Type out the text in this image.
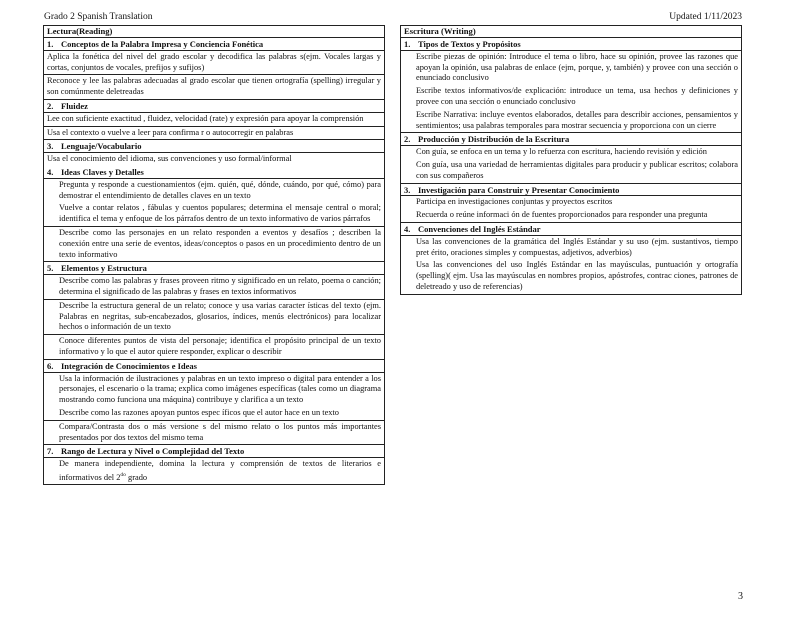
Grado 2 Spanish Translation	Updated 1/11/2023
Lectura(Reading)
1. Conceptos de la Palabra Impresa y Conciencia Fonética
Aplica la fonética del nivel del grado escolar y decodifica las palabras s(ejm. Vocales largas y cortas, conjuntos de vocales, prefijos y sufijos)
Reconoce y lee las palabras adecuadas al grado escolar que tienen ortografía (spelling) irregular y son comúnmente deletreadas
2. Fluidez
Lee con suficiente exactitud , fluidez, velocidad (rate) y expresión para apoyar la comprensión
Usa el contexto o vuelve a leer para confirma r o autocorregir en palabras
3. Lenguaje/Vocabulario
Usa el conocimiento del idioma, sus convenciones y uso formal/informal
4. Ideas Claves y Detalles
Pregunta y responde a cuestionamientos (ejm. quién, qué, dónde, cuándo, por qué, cómo) para demostrar el entendimiento de detalles claves en un texto
Vuelve a contar relatos , fábulas y cuentos populares; determina el mensaje central o moral; identifica el tema y enfoque de los párrafos dentro de un texto informativo de varios párrafos
Describe como las personajes en un relato responden a eventos y desafíos ; describen la conexión entre una serie de eventos, ideas/conceptos o pasos en un procedimiento dentro de un texto informativo
5. Elementos y Estructura
Describe como las palabras y frases proveen ritmo y significado en un relato, poema o canción; determina el significado de las palabras y frases en textos informativos
Describe la estructura general de un relato; conoce y usa varias caracter ísticas del texto (ejm. Palabras en negritas, sub-encabezados, glosarios, índices, menús electrónicos) para localizar hechos o información de un texto
Conoce diferentes puntos de vista del personaje; identifica el propósito principal de un texto informativo y lo que el autor quiere responder, explicar o describir
6. Integración de Conocimientos e Ideas
Usa la información de ilustraciones y palabras en un texto impreso o digital para entender a los personajes, el escenario o la trama; explica como imágenes específicas (tales como un diagrama mostrando como funciona una máquina) contribuye y clarifica a un texto
Describe como las razones apoyan puntos espec íficos que el autor hace en un texto
Compara/Contrasta dos o más versione s del mismo relato o los puntos más importantes presentados por dos textos del mismo tema
7. Rango de Lectura y Nivel o Complejidad del Texto
De manera independiente, domina la lectura y comprensión de textos de literarios e informativos del $2^{do}$ grado
Escritura (Writing)
1. Tipos de Textos y Propósitos
Escribe piezas de opinión: Introduce el tema o libro, hace su opinión, provee las razones que apoyan la opinión, usa palabras de enlace (ejm, porque, y, también) y provee con una sección o enunciado conclusivo
Escribe textos informativos/de explicación: introduce un tema, usa hechos y definiciones y provee con una sección o enunciado conclusivo
Escribe Narrativa: incluye eventos elaborados, detalles para describir acciones, pensamientos y sentimientos; usa palabras temporales para mostrar secuencia y proporciona con un cierre
2. Producción y Distribución de la Escritura
Con guía, se enfoca en un tema y lo refuerza con escritura, haciendo revisión y edición
Con guía, usa una variedad de herramientas digitales para producir y publicar escritos; colabora con sus compañeros
3. Investigación para Construir y Presentar Conocimiento
Participa en investigaciones conjuntas y proyectos escritos
Recuerda o reúne informaci ón de fuentes proporcionados para responder una pregunta
4. Convenciones del Inglés Estándar
Usa las convenciones de la gramática del Inglés Estándar y su uso (ejm. sustantivos, tiempo pret érito, oraciones simples y compuestas, adjetivos, adverbios)
Usa las convenciones del uso Inglés Estándar en las mayúsculas, puntuación y ortografía (spelling)( ejm. Usa las mayúsculas en nombres propios, apóstrofes, contrac ciones, patrones de deletreado y uso de referencias)
3
